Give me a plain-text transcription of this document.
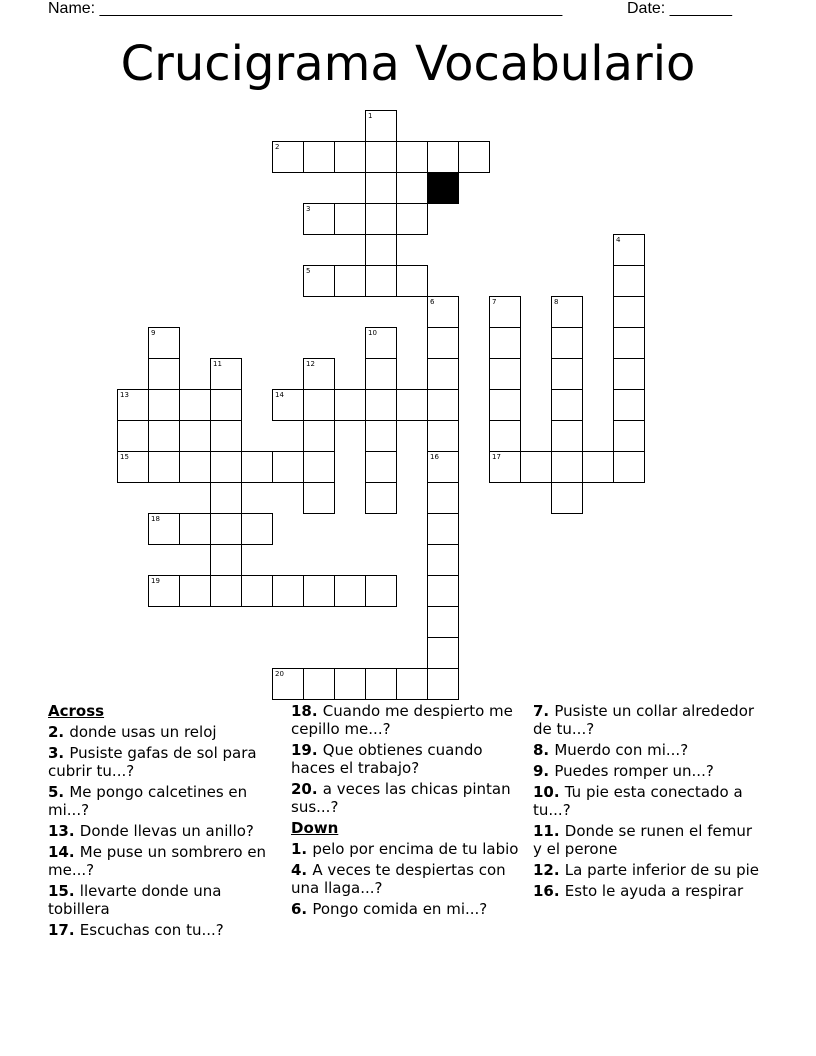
Name: ____________________________________________________	Date: _______
Crucigrama Vocabulario
1
2
3
4
5
6	7
17
8
9	10
11	12
13	14
15	16
18
19
20
Across
2. donde usas un reloj
3. Pusiste gafas de sol para cubrir tu...?
5. Me pongo calcetines en mi...?
13. Donde llevas un anillo?
14. Me puse un sombrero en me...?
15. llevarte donde una tobillera
17. Escuchas con tu...?
18. Cuando me despierto me cepillo me...?
19. Que obtienes cuando haces el trabajo?
20. a veces las chicas pintan sus...?
Down
1. pelo por encima de tu labio
4. A veces te despiertas con una llaga...?
6. Pongo comida en mi...?
7. Pusiste un collar alrededor de tu...?
8. Muerdo con mi...?
9. Puedes romper un...?
10. Tu pie esta conectado a tu...?
11. Donde se runen el femur y el perone
12. La parte inferior de su pie
16. Esto le ayuda a respirar
